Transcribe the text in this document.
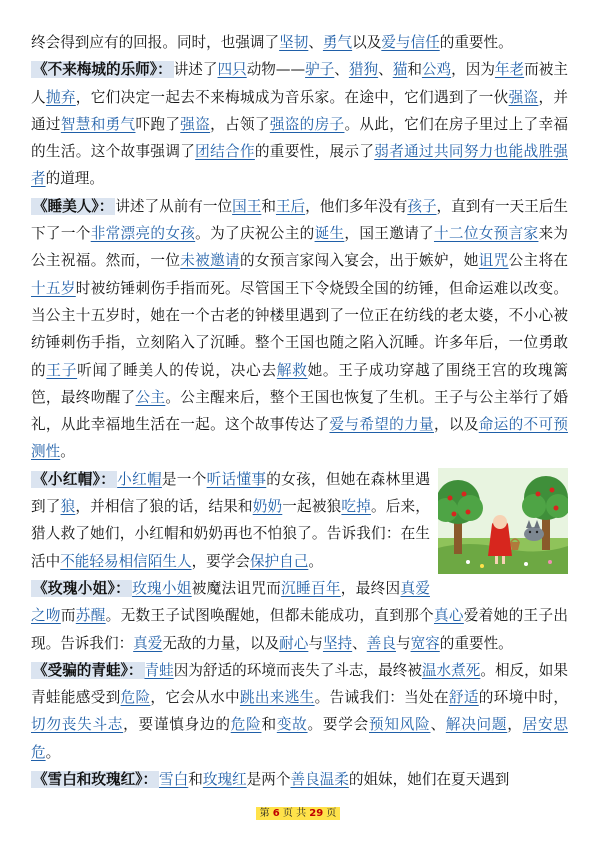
终会得到应有的回报。同时，也强调了坚韧、勇气以及爱与信任的重要性。

《不来梅城的乐师》： 讲述了四只动物——驴子、猎狗、猫和公鸡，因为年老而被主人抛弃，它们决定一起去不来梅城成为音乐家。在途中，它们遇到了一伙强盗，并通过智慧和勇气吓跑了强盗，占领了强盗的房子。从此，它们在房子里过上了幸福的生活。这个故事强调了团结合作的重要性，展示了弱者通过共同努力也能战胜强者的道理。

《睡美人》： 讲述了从前有一位国王和王后，他们多年没有孩子，直到有一天王后生下了一个非常漂亮的女孩。为了庆祝公主的诞生，国王邀请了十二位女预言家来为公主祝福。然而，一位未被邀请的女预言家闯入宴会，出于嫉妒，她诅咒公主将在十五岁时被纺锤刺伤手指而死。尽管国王下令烧毁全国的纺锤，但命运难以改变。当公主十五岁时，她在一个古老的钟楼里遇到了一位正在纺线的老太婆，不小心被纺锤刺伤手指，立刻陷入了沉睡。整个王国也随之陷入沉睡。许多年后，一位勇敢的王子听闻了睡美人的传说，决心去解救她。王子成功穿越了围绕王宫的玫瑰篱笆，最终吻醒了公主。公主醒来后，整个王国也恢复了生机。王子与公主举行了婚礼，从此幸福地生活在一起。这个故事传达了爱与希望的力量，以及命运的不可预测性。

《小红帽》： 小红帽是一个听话懂事的女孩，但她在森林里遇到了狼，并相信了狼的话，结果和奶奶一起被狼吃掉。后来，猎人救了她们，小红帽和奶奶再也不怕狼了。告诉我们：在生活中不能轻易相信陌生人，要学会保护自己。

《玫瑰小姐》： 玫瑰小姐被魔法诅咒而沉睡百年，最终因真爱之吻而苏醒。无数王子试图唤醒她，但都未能成功，直到那个真心爱着她的王子出现。告诉我们：真爱无敌的力量，以及耐心与坚持、善良与宽容的重要性。

《受骗的青蛙》： 青蛙因为舒适的环境而丧失了斗志，最终被温水煮死。相反，如果青蛙能感受到危险，它会从水中跳出来逃生。告诫我们：当处在舒适的环境中时，切勿丧失斗志，要谨慎身边的危险和变故。要学会预知风险、解决问题，居安思危。

《雪白和玫瑰红》： 雪白和玫瑰红是两个善良温柔的姐妹，她们在夏天遇到

第 6 页 共 29 页
